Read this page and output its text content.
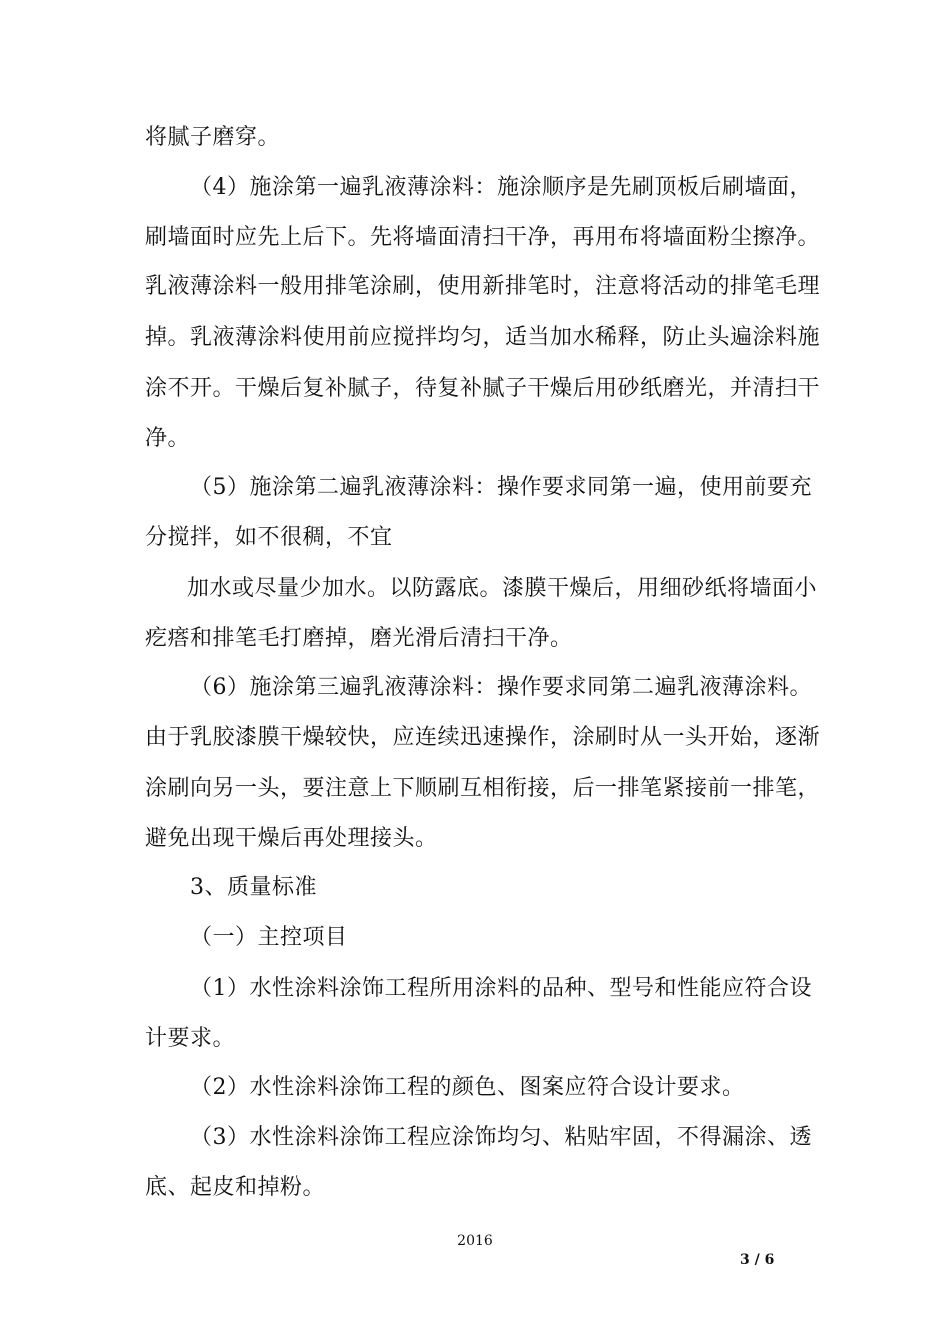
将腻子磨穿。
（4）施涂第一遍乳液薄涂料：施涂顺序是先刷顶板后刷墙面，
刷墙面时应先上后下。先将墙面清扫干净，再用布将墙面粉尘擦净。
乳液薄涂料一般用排笔涂刷，使用新排笔时，注意将活动的排笔毛理
掉。乳液薄涂料使用前应搅拌均匀，适当加水稀释，防止头遍涂料施
涂不开。干燥后复补腻子，待复补腻子干燥后用砂纸磨光，并清扫干
净。
（5）施涂第二遍乳液薄涂料：操作要求同第一遍，使用前要充
分搅拌，如不很稠，不宜
加水或尽量少加水。以防露底。漆膜干燥后，用细砂纸将墙面小
疙瘩和排笔毛打磨掉，磨光滑后清扫干净。
（6）施涂第三遍乳液薄涂料：操作要求同第二遍乳液薄涂料。
由于乳胶漆膜干燥较快，应连续迅速操作，涂刷时从一头开始，逐渐
涂刷向另一头，要注意上下顺刷互相衔接，后一排笔紧接前一排笔，
避免出现干燥后再处理接头。
3、质量标准
（一）主控项目
（1）水性涂料涂饰工程所用涂料的品种、型号和性能应符合设
计要求。
（2）水性涂料涂饰工程的颜色、图案应符合设计要求。
（3）水性涂料涂饰工程应涂饰均匀、粘贴牢固，不得漏涂、透
底、起皮和掉粉。
2016
3 / 6
